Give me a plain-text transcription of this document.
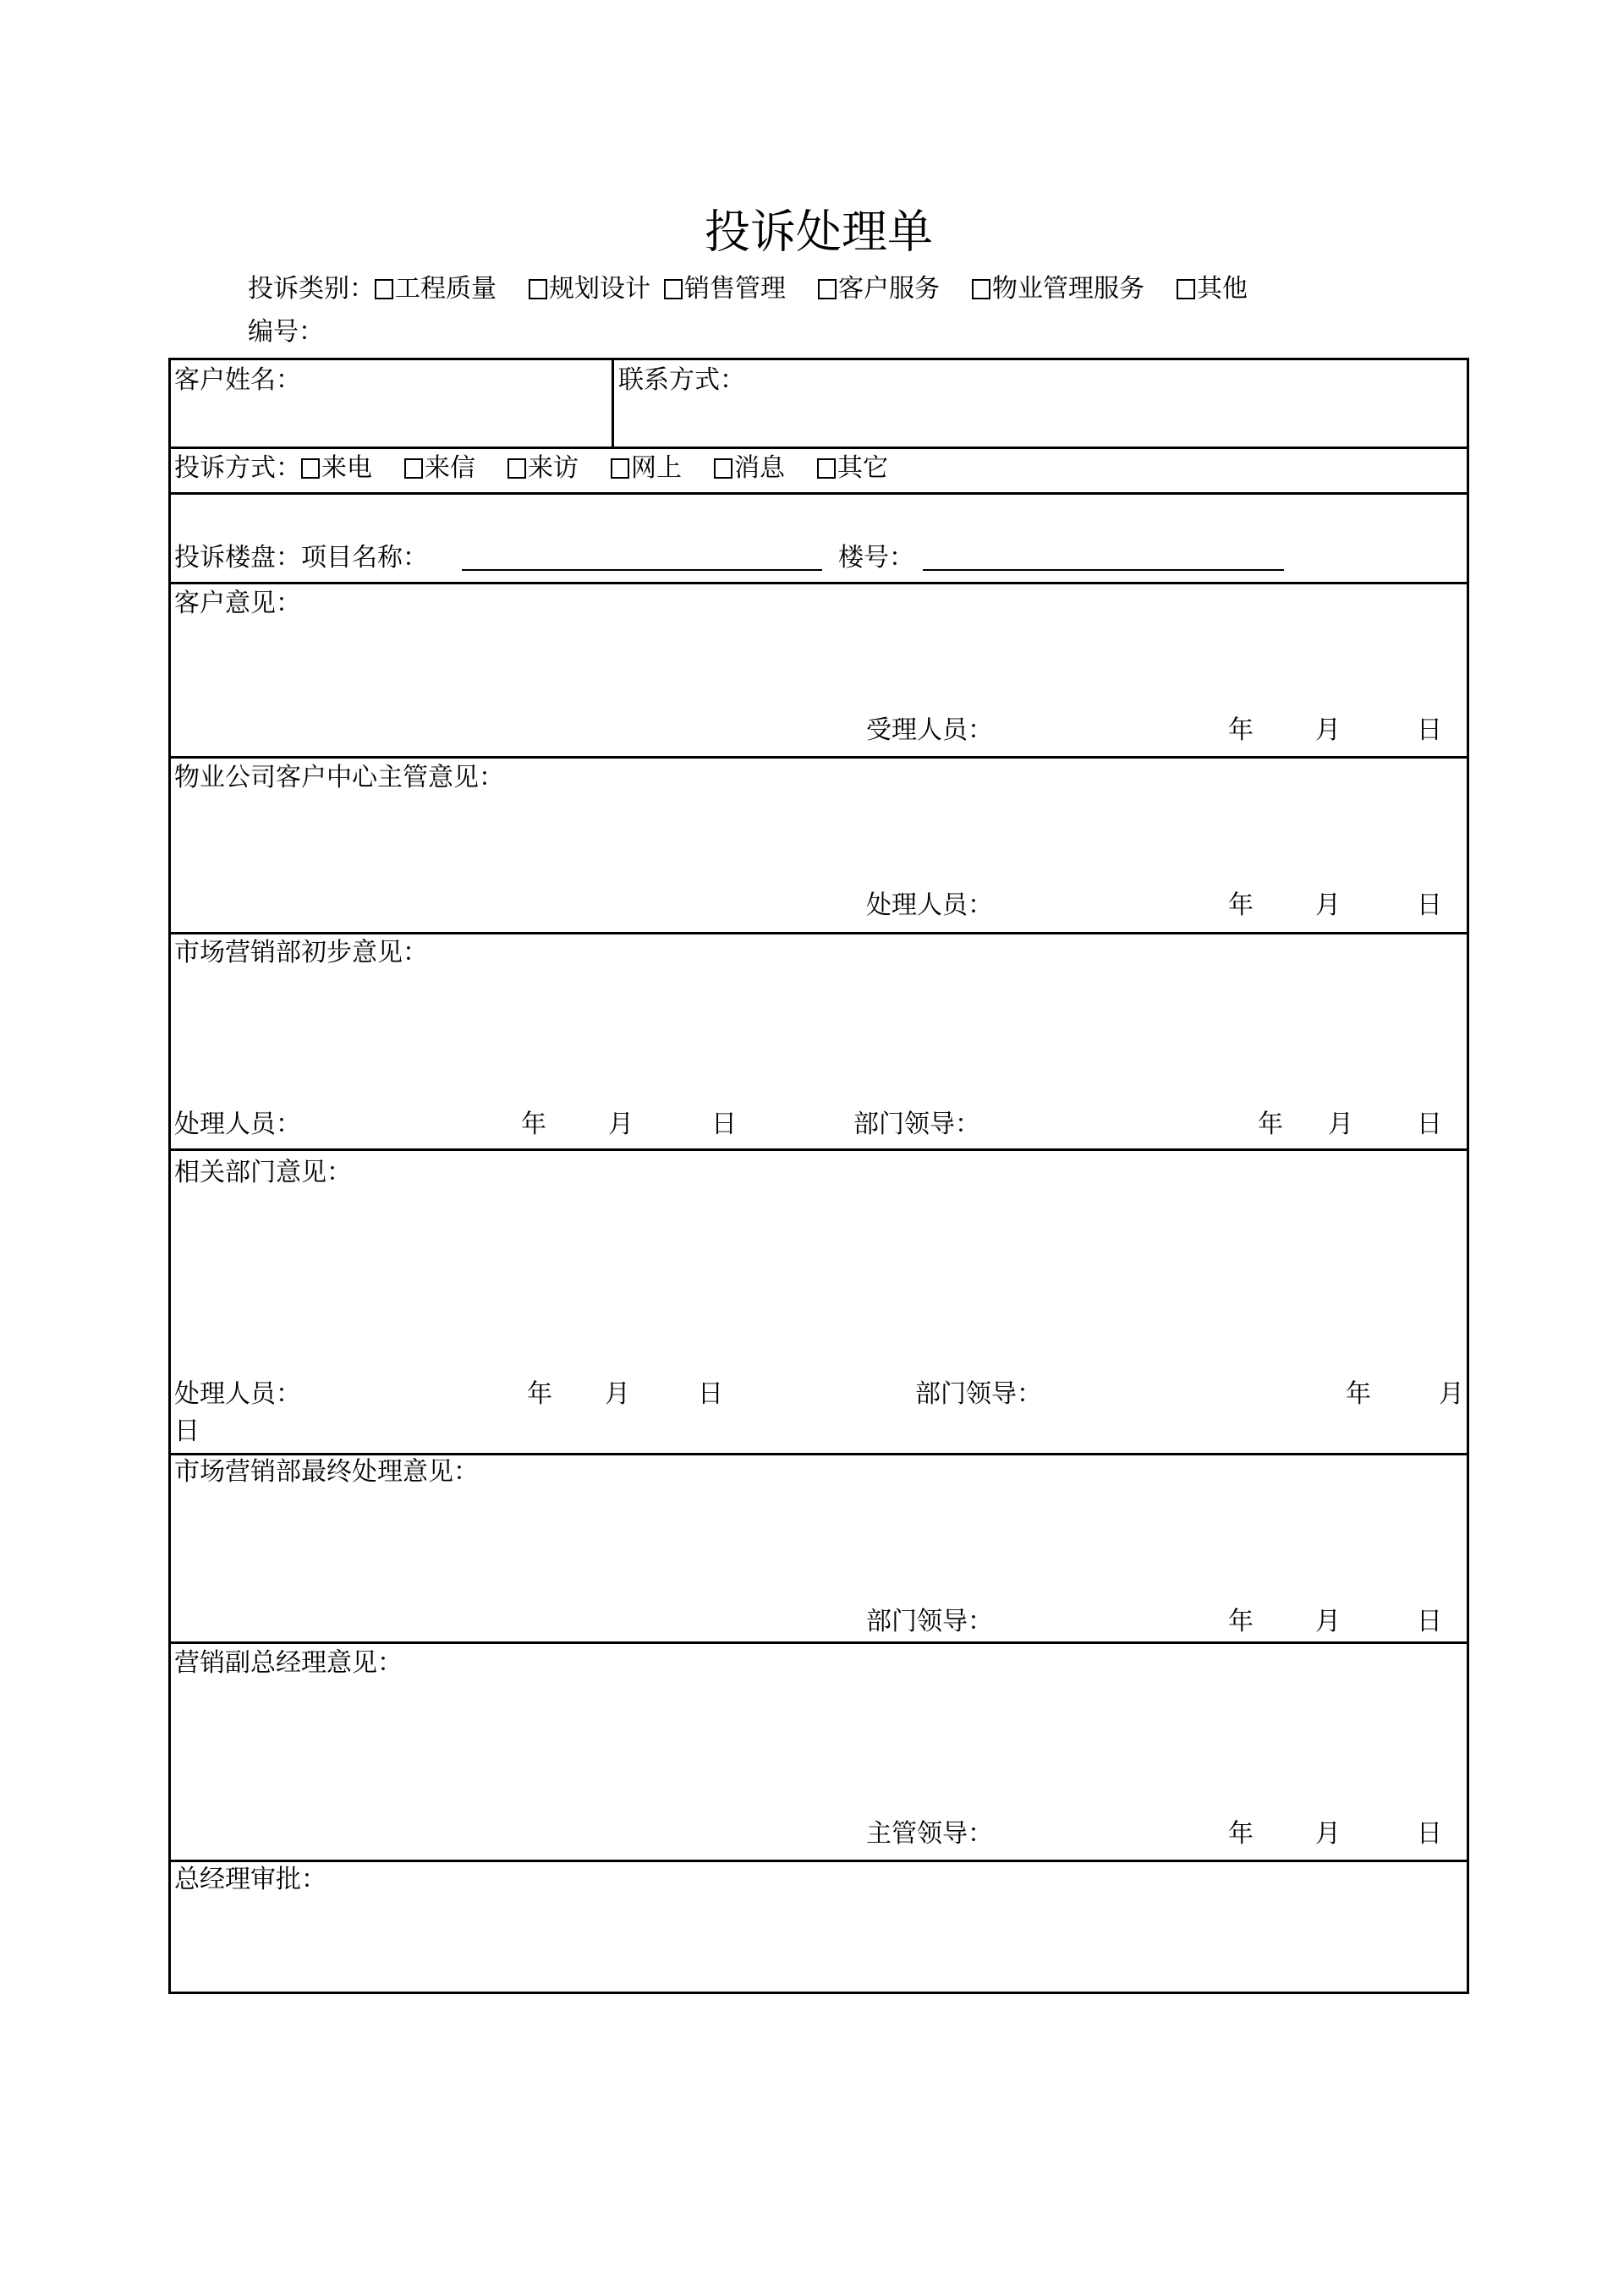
投诉处理单
投诉类别： 工程质量 规划设计 销售管理 客户服务 物业管理服务 其他
编号：
客户姓名：	联系方式：
投诉方式： 来电 来信 来访 网上 消息 其它
投诉楼盘：项目名称：	楼号：
客户意见：
受理人员：	年 月	日
物业公司客户中心主管意见：
处理人员：	年 月	日
市场营销部初步意见：
处理人员：	年 月	日	部门领导：	年 月	日
相关部门意见：
处理人员：	年 月	日	部门领导：	年	月
日
市场营销部最终处理意见：
部门领导：	年 月	日
营销副总经理意见：
主管领导：	年 月	日
总经理审批：
